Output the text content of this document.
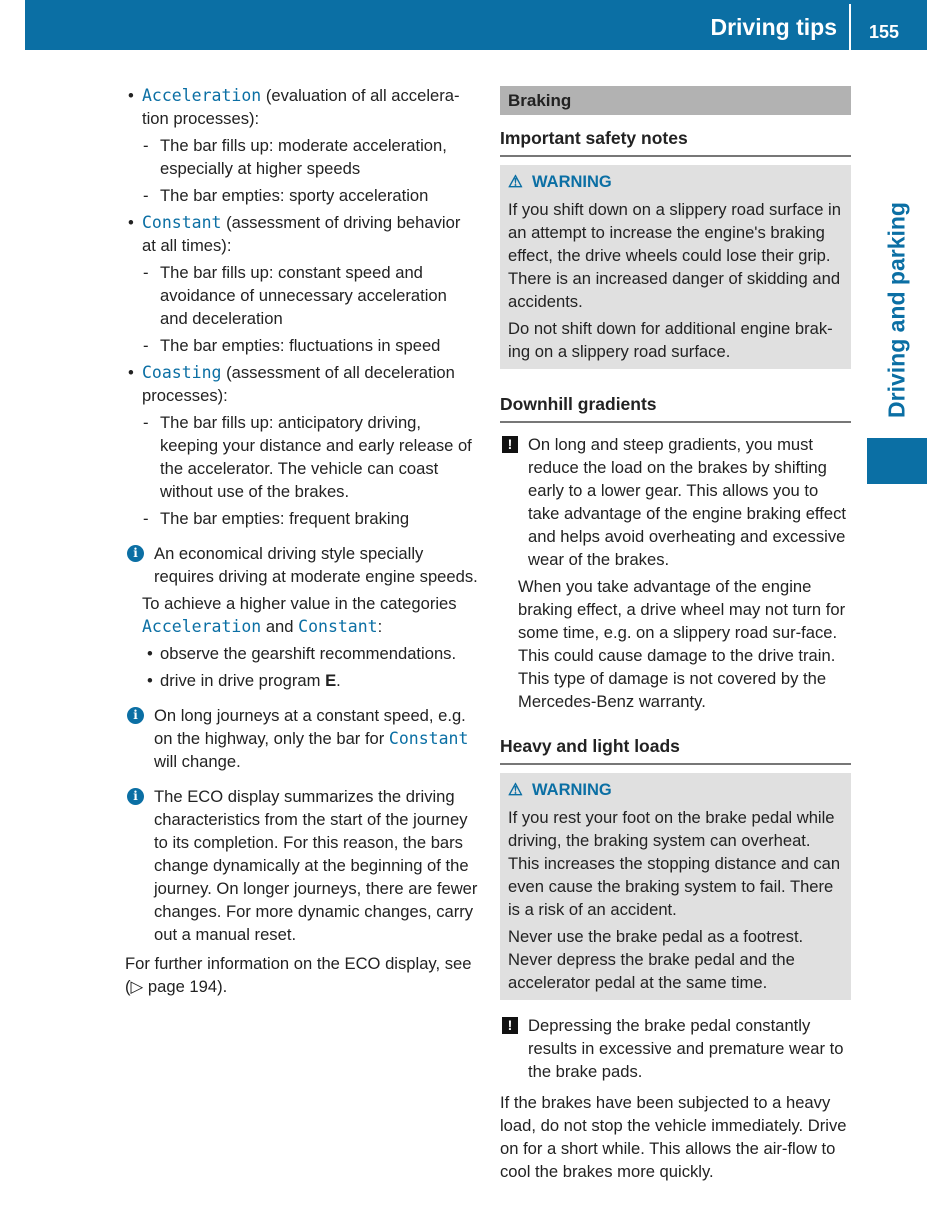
Driving tips 155
Driving and parking
• Acceleration (evaluation of all accelera-tion processes):
- The bar fills up: moderate acceleration, especially at higher speeds
- The bar empties: sporty acceleration
• Constant (assessment of driving behavior at all times):
- The bar fills up: constant speed and avoidance of unnecessary acceleration and deceleration
- The bar empties: fluctuations in speed
• Coasting (assessment of all deceleration processes):
- The bar fills up: anticipatory driving, keeping your distance and early release of the accelerator. The vehicle can coast without use of the brakes.
- The bar empties: frequent braking
i An economical driving style specially requires driving at moderate engine speeds.

To achieve a higher value in the categories Acceleration and Constant:

• observe the gearshift recommendations.
• drive in drive program E.
i On long journeys at a constant speed, e.g. on the highway, only the bar for Constant will change.

i The ECO display summarizes the driving characteristics from the start of the journey to its completion. For this reason, the bars change dynamically at the beginning of the journey. On longer journeys, there are fewer changes. For more dynamic changes, carry out a manual reset.

For further information on the ECO display, see (▷ page 194).

Braking
Important safety notes
⚠ WARNING

If you shift down on a slippery road surface in an attempt to increase the engine's braking effect, the drive wheels could lose their grip. There is an increased danger of skidding and accidents.

Do not shift down for additional engine brak-ing on a slippery road surface.

Downhill gradients
! On long and steep gradients, you must reduce the load on the brakes by shifting early to a lower gear. This allows you to take advantage of the engine braking effect and helps avoid overheating and excessive wear of the brakes.

When you take advantage of the engine braking effect, a drive wheel may not turn for some time, e.g. on a slippery road sur-face. This could cause damage to the drive train. This type of damage is not covered by the Mercedes-Benz warranty.

Heavy and light loads
⚠ WARNING

If you rest your foot on the brake pedal while driving, the braking system can overheat. This increases the stopping distance and can even cause the braking system to fail. There is a risk of an accident.

Never use the brake pedal as a footrest. Never depress the brake pedal and the accelerator pedal at the same time.

! Depressing the brake pedal constantly results in excessive and premature wear to the brake pads.

If the brakes have been subjected to a heavy load, do not stop the vehicle immediately. Drive on for a short while. This allows the air-flow to cool the brakes more quickly.
